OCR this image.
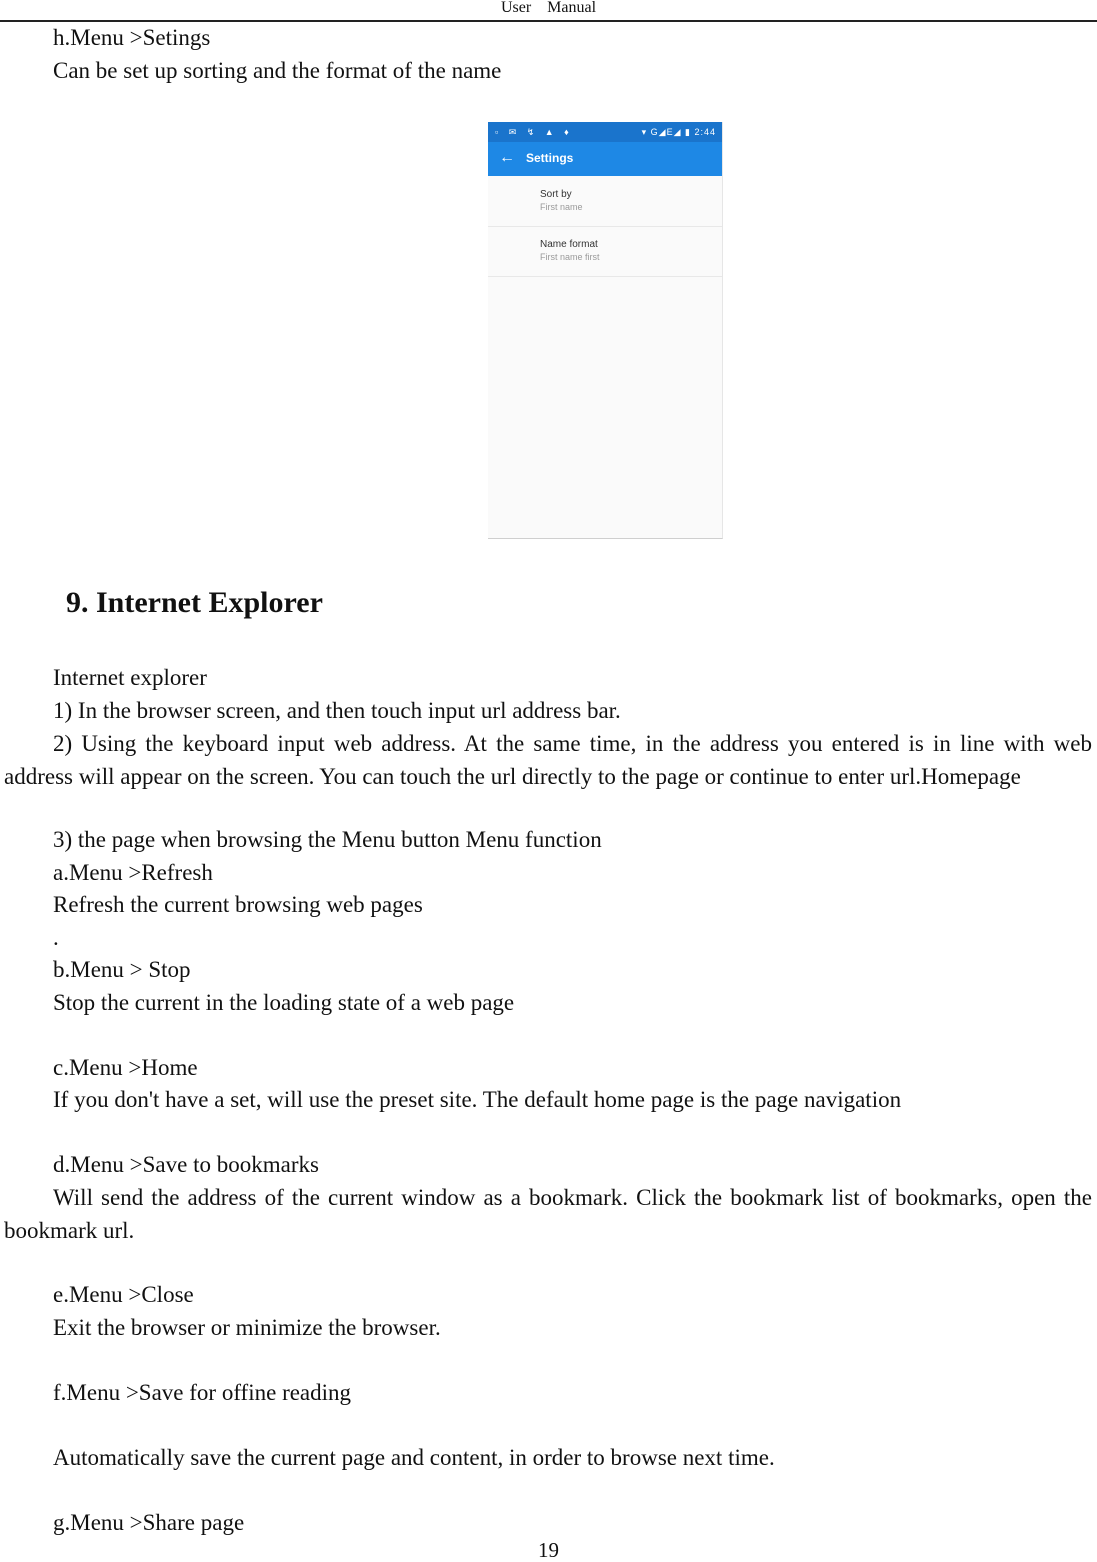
User Manual
h.Menu >Setings
Can be set up sorting and the format of the name
▫ ✉ ↯ ▲ ♦	▾ G◢E◢ ▮ 2:44
← Settings
Sort by
First name
Name format
First name first
9. Internet Explorer
Internet explorer
1) In the browser screen, and then touch input url address bar.
2) Using the keyboard input web address. At the same time, in the address you entered is in line with web address will appear on the screen. You can touch the url directly to the page or continue to enter url.Homepage
3) the page when browsing the Menu button Menu function
a.Menu >Refresh
Refresh the current browsing web pages
.
b.Menu > Stop
Stop the current in the loading state of a web page
c.Menu >Home
If you don't have a set, will use the preset site. The default home page is the page navigation
d.Menu >Save to bookmarks
Will send the address of the current window as a bookmark. Click the bookmark list of bookmarks, open the bookmark url.
e.Menu >Close
Exit the browser or minimize the browser.
f.Menu >Save for offine reading
Automatically save the current page and content, in order to browse next time.
g.Menu >Share page
19
